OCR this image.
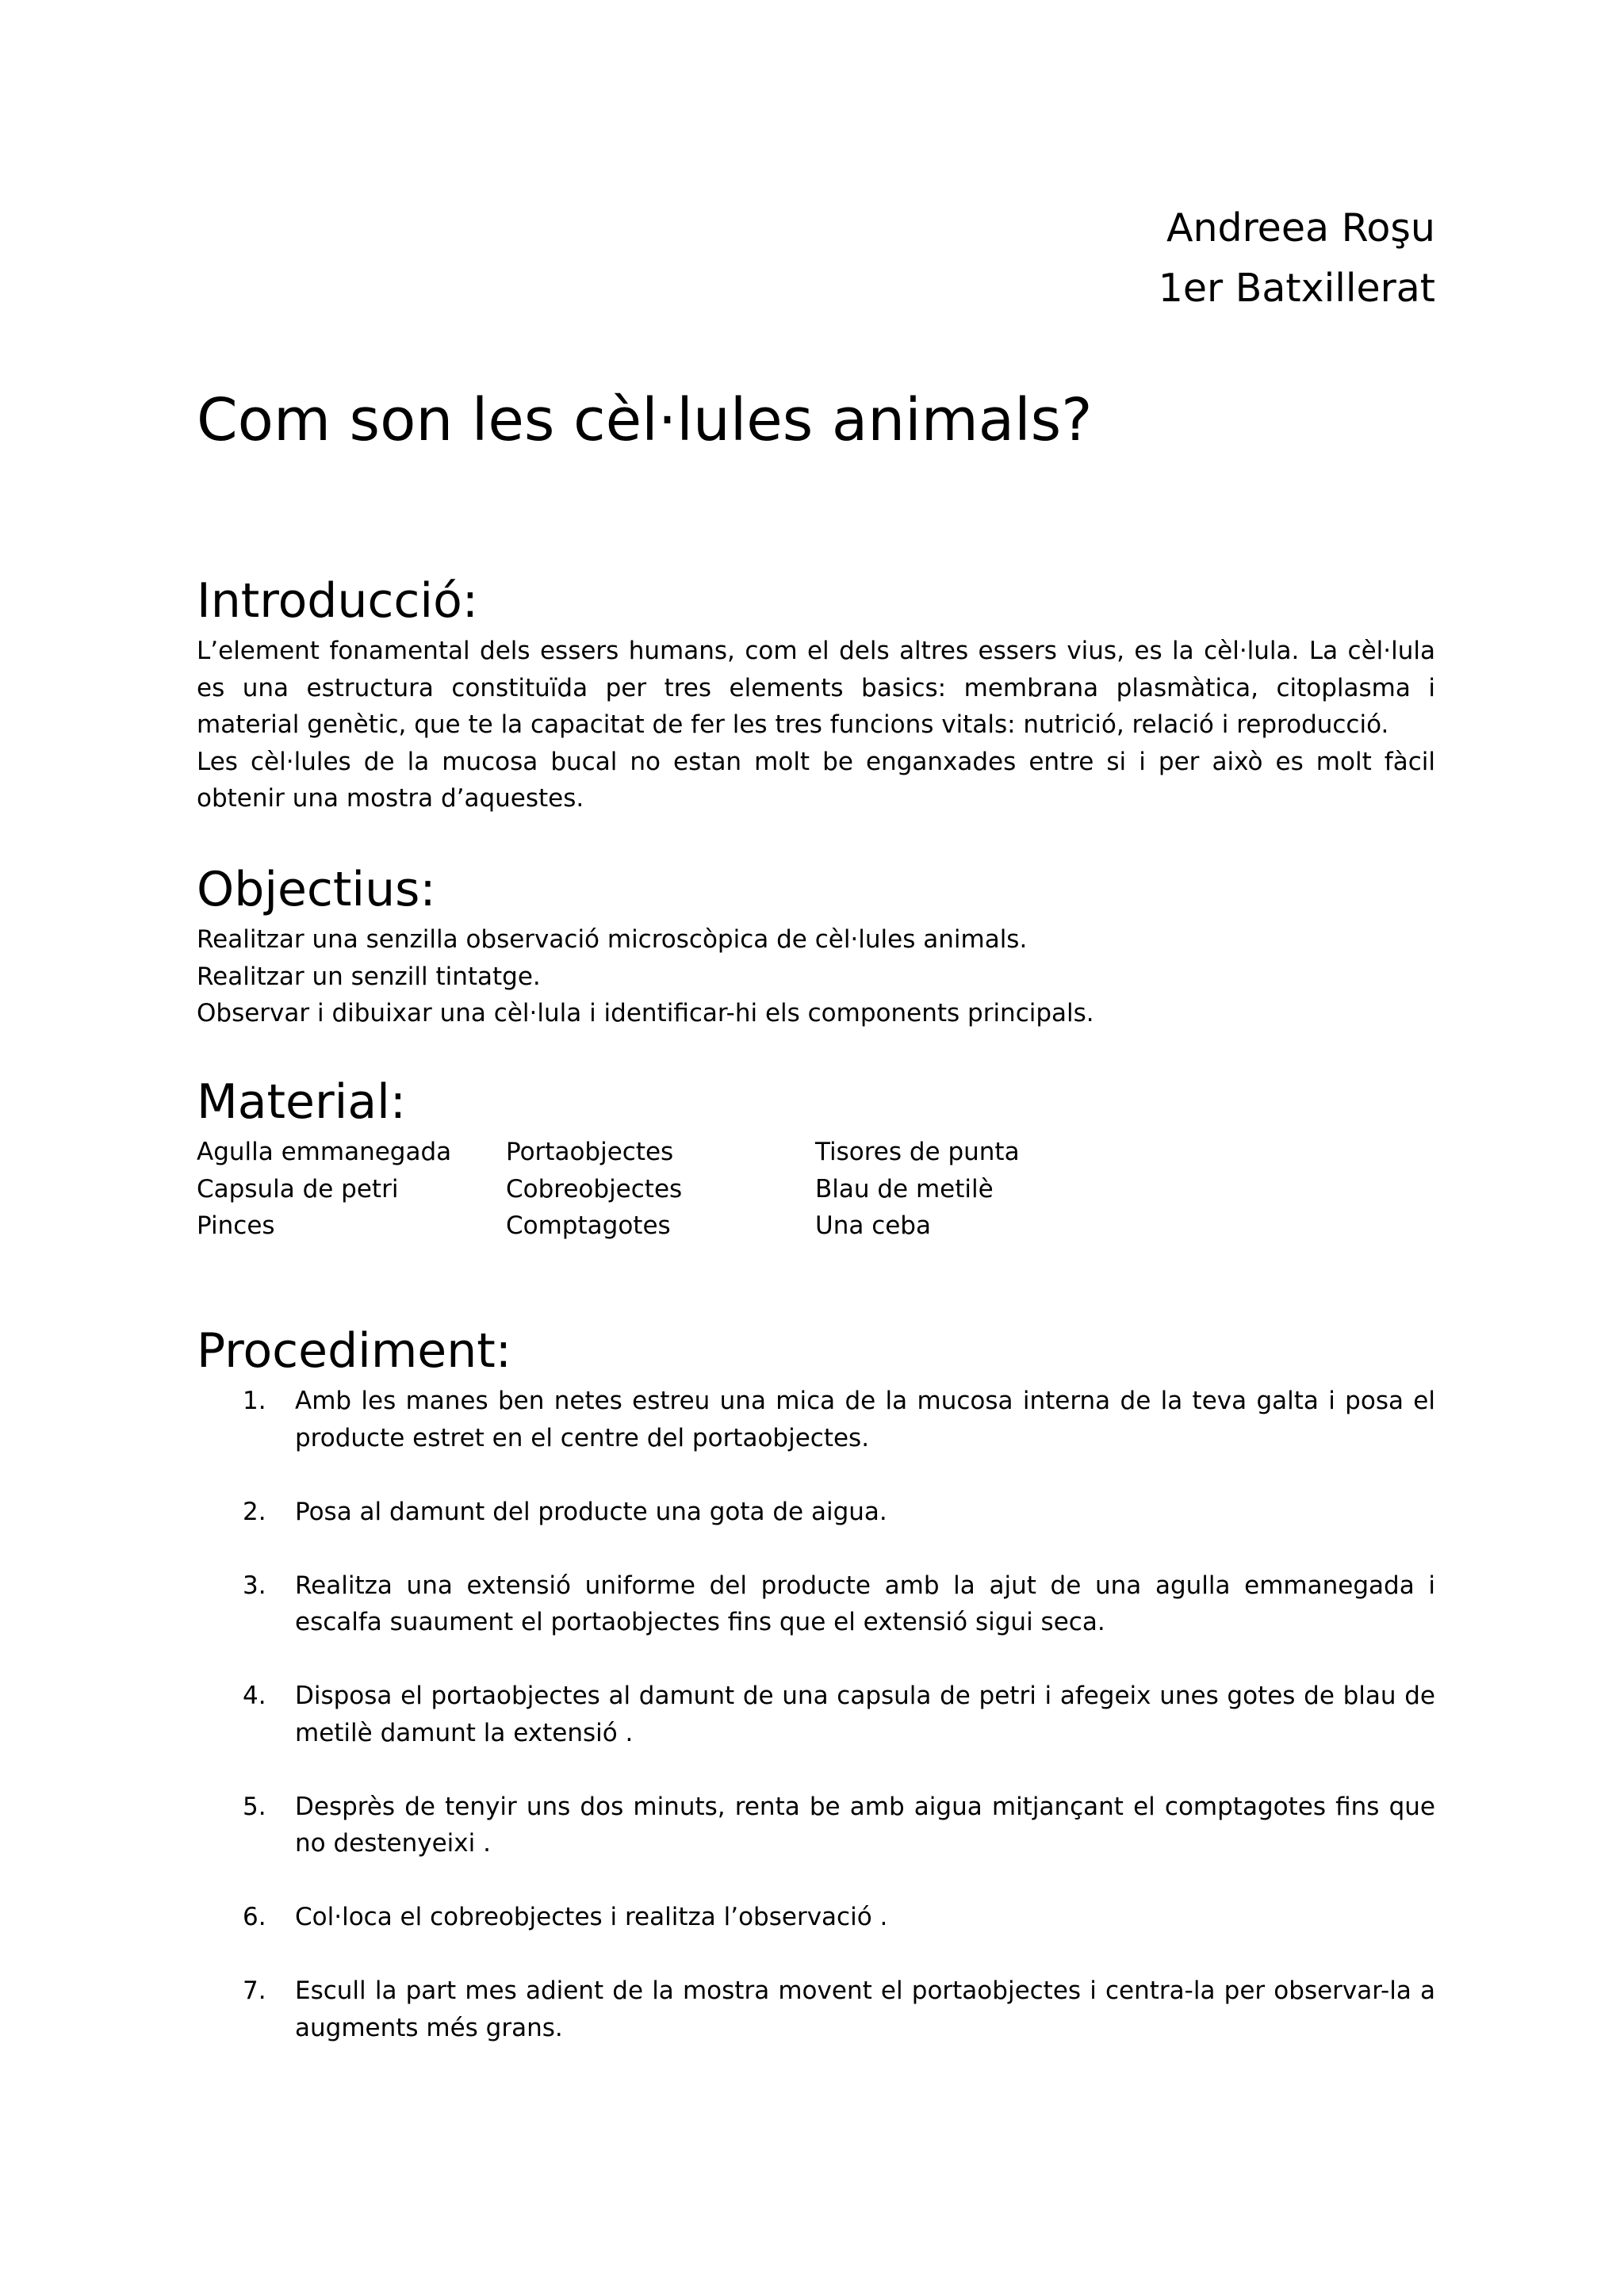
Andreea Roşu
1er Batxillerat
Com son les cèl·lules animals?
Introducció:

L’element fonamental dels essers humans, com el dels altres essers vius, es la cèl·lula. La cèl·lula es una estructura constituïda per tres elements basics: membrana plasmàtica, citoplasma i material genètic, que te la capacitat de fer les tres funcions vitals: nutrició, relació i reproducció.

Les cèl·lules de la mucosa bucal no estan molt be enganxades entre si i per això es molt fàcil obtenir una mostra d’aquestes.

Objectius:

Realitzar una senzilla observació microscòpica de cèl·lules animals.

Realitzar un senzill tintatge.

Observar i dibuixar una cèl·lula i identificar-hi els components principals.

Material:
Agulla emmanegada	Portaobjectes	Tisores de punta
Capsula de petri	Cobreobjectes	Blau de metilè
Pinces	Comptagotes	Una ceba
Procediment:
1.	Amb les manes ben netes estreu una mica de la mucosa interna de la teva galta i posa el producte estret en el centre del portaobjectes.
2.	Posa al damunt del producte una gota de aigua.
3.	Realitza una extensió uniforme del producte amb la ajut de una agulla emmanegada i escalfa suaument el portaobjectes fins que el extensió sigui seca.
4.	Disposa el portaobjectes al damunt de una capsula de petri i afegeix unes gotes de blau de metilè damunt la extensió .
5.	Desprès de tenyir uns dos minuts, renta be amb aigua mitjançant el comptagotes fins que no destenyeixi .
6.	Col·loca el cobreobjectes i realitza l’observació .
7.	Escull la part mes adient de la mostra movent el portaobjectes i centra-la per observar-la a augments més grans.
